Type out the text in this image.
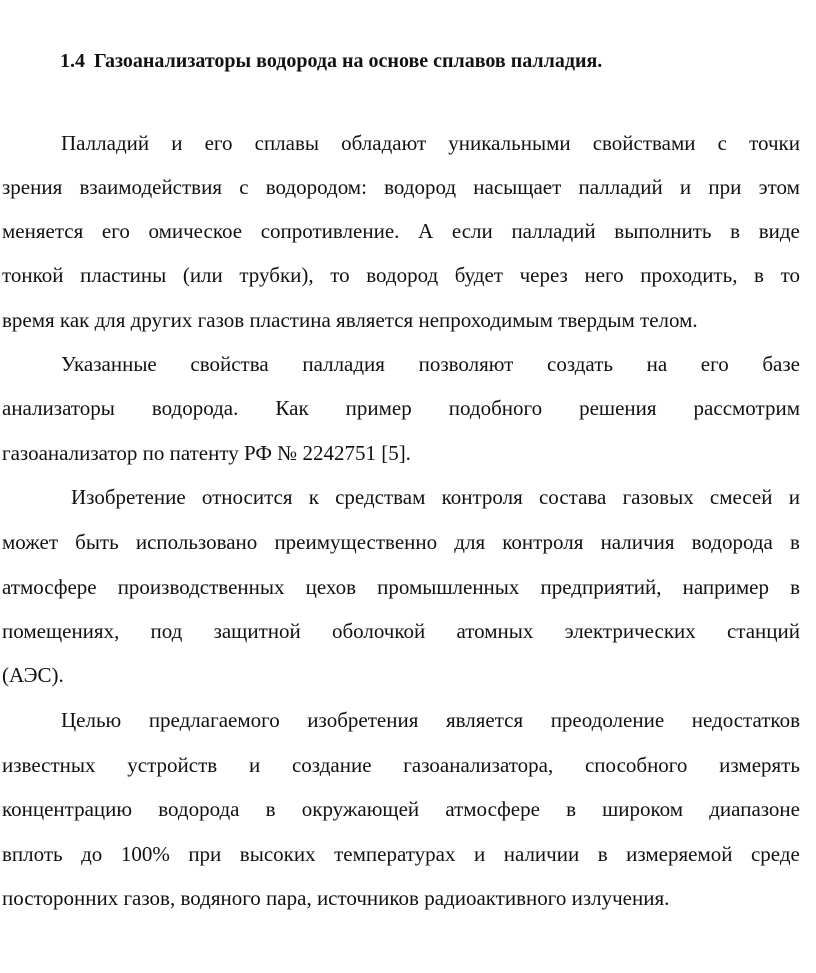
1.4 Газоанализаторы водорода на основе сплавов палладия.
Палладий и его сплавы обладают уникальными свойствами с точки
зрения взаимодействия с водородом: водород насыщает палладий и при этом
меняется его омическое сопротивление. А если палладий выполнить в виде
тонкой пластины (или трубки), то водород будет через него проходить, в то
время как для других газов пластина является непроходимым твердым телом.
Указанные свойства палладия позволяют создать на его базе
анализаторы водорода. Как пример подобного решения рассмотрим
газоанализатор по патенту РФ № 2242751 [5].
Изобретение относится к средствам контроля состава газовых смесей и
может быть использовано преимущественно для контроля наличия водорода в
атмосфере производственных цехов промышленных предприятий, например в
помещениях, под защитной оболочкой атомных электрических станций
(АЭС).
Целью предлагаемого изобретения является преодоление недостатков
известных устройств и создание газоанализатора, способного измерять
концентрацию водорода в окружающей атмосфере в широком диапазоне
вплоть до 100% при высоких температурах и наличии в измеряемой среде
посторонних газов, водяного пара, источников радиоактивного излучения.
